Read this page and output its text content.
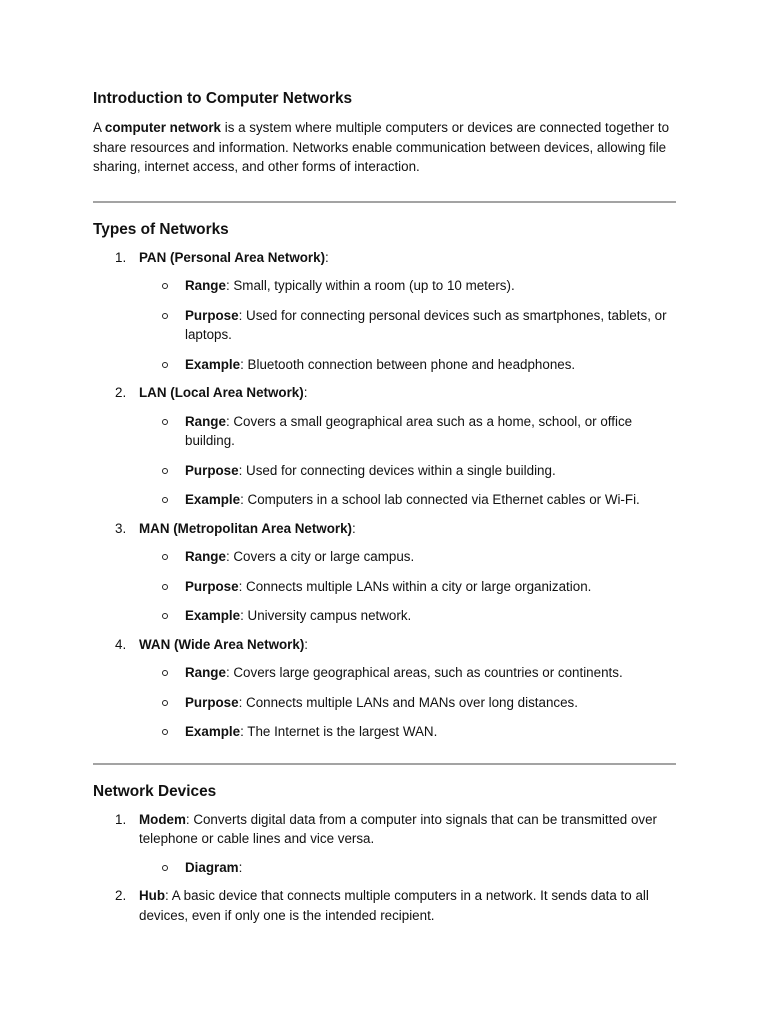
Introduction to Computer Networks

A computer network is a system where multiple computers or devices are connected together to share resources and information. Networks enable communication between devices, allowing file sharing, internet access, and other forms of interaction.

Types of Networks
1. PAN (Personal Area Network):
Range: Small, typically within a room (up to 10 meters).
Purpose: Used for connecting personal devices such as smartphones, tablets, or laptops.
Example: Bluetooth connection between phone and headphones.
2. LAN (Local Area Network):
Range: Covers a small geographical area such as a home, school, or office building.
Purpose: Used for connecting devices within a single building.
Example: Computers in a school lab connected via Ethernet cables or Wi-Fi.
3. MAN (Metropolitan Area Network):
Range: Covers a city or large campus.
Purpose: Connects multiple LANs within a city or large organization.
Example: University campus network.
4. WAN (Wide Area Network):
Range: Covers large geographical areas, such as countries or continents.
Purpose: Connects multiple LANs and MANs over long distances.
Example: The Internet is the largest WAN.
Network Devices
1. Modem: Converts digital data from a computer into signals that can be transmitted over telephone or cable lines and vice versa.
Diagram:
2. Hub: A basic device that connects multiple computers in a network. It sends data to all devices, even if only one is the intended recipient.
